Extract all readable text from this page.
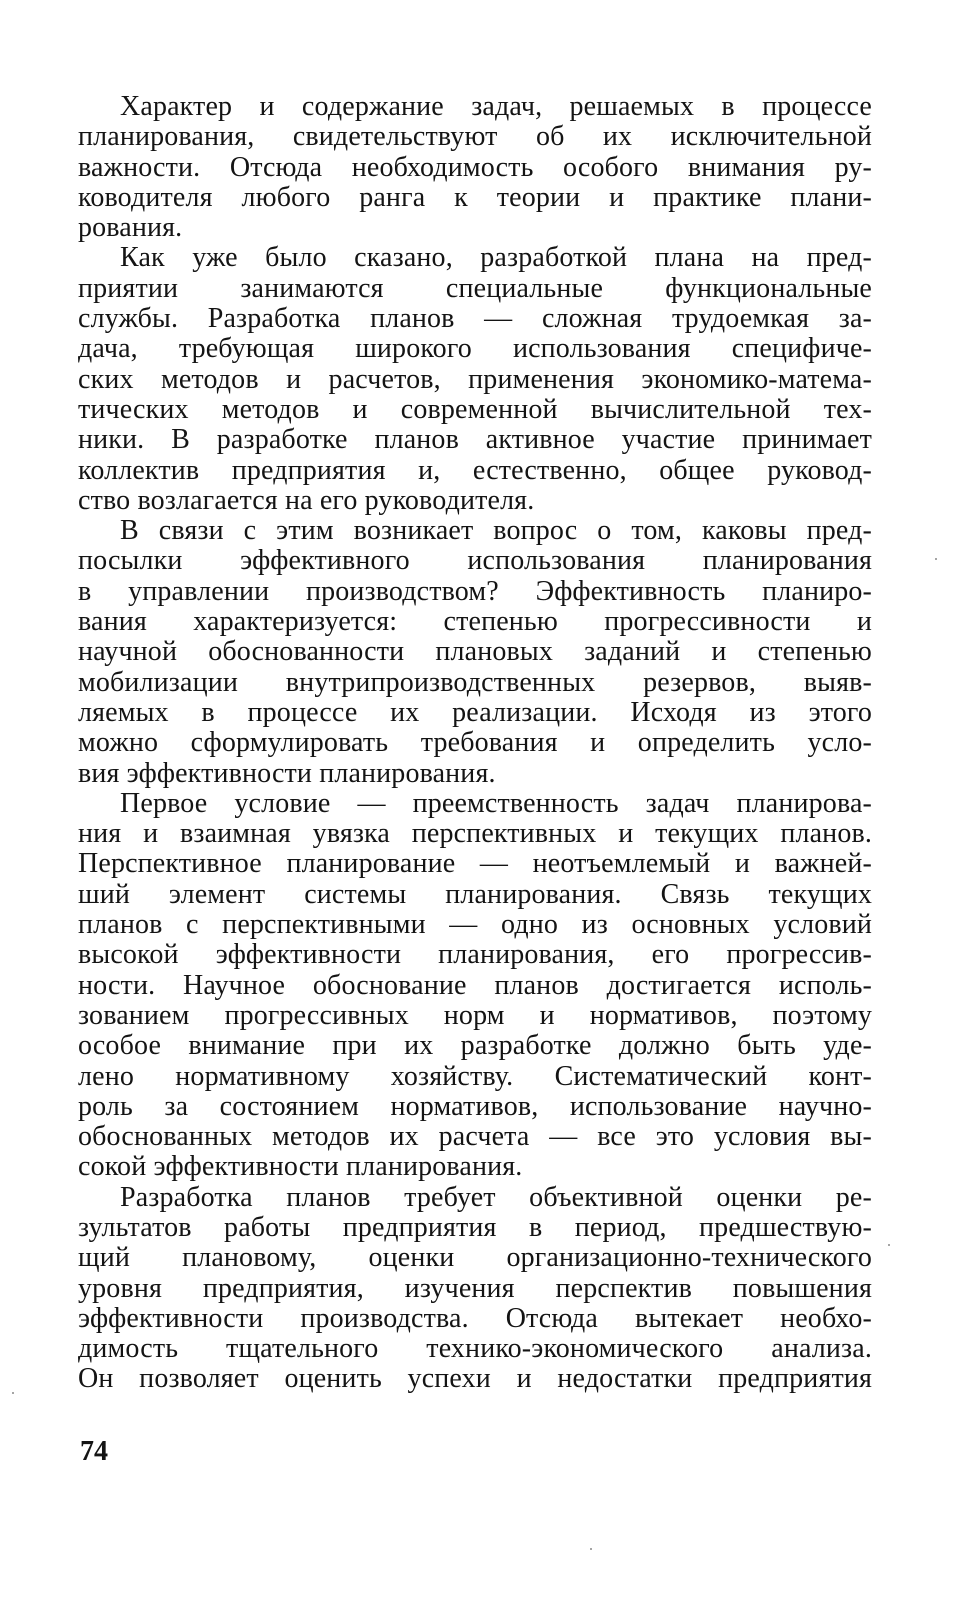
Характер и содержание задач, решаемых в процессе
планирования, свидетельствуют об их исключительной
важности. Отсюда необходимость особого внимания ру-
ководителя любого ранга к теории и практике плани-
рования.
Как уже было сказано, разработкой плана на пред-
приятии занимаются специальные функциональные
службы. Разработка планов — сложная трудоемкая за-
дача, требующая широкого использования специфиче-
ских методов и расчетов, применения экономико-матема-
тических методов и современной вычислительной тех-
ники. В разработке планов активное участие принимает
коллектив предприятия и, естественно, общее руковод-
ство возлагается на его руководителя.
В связи с этим возникает вопрос о том, каковы пред-
посылки эффективного использования планирования
в управлении производством? Эффективность планиро-
вания характеризуется: степенью прогрессивности и
научной обоснованности плановых заданий и степенью
мобилизации внутрипроизводственных резервов, выяв-
ляемых в процессе их реализации. Исходя из этого
можно сформулировать требования и определить усло-
вия эффективности планирования.
Первое условие — преемственность задач планирова-
ния и взаимная увязка перспективных и текущих планов.
Перспективное планирование — неотъемлемый и важней-
ший элемент системы планирования. Связь текущих
планов с перспективными — одно из основных условий
высокой эффективности планирования, его прогрессив-
ности. Научное обоснование планов достигается исполь-
зованием прогрессивных норм и нормативов, поэтому
особое внимание при их разработке должно быть уде-
лено нормативному хозяйству. Систематический конт-
роль за состоянием нормативов, использование научно-
обоснованных методов их расчета — все это условия вы-
сокой эффективности планирования.
Разработка планов требует объективной оценки ре-
зультатов работы предприятия в период, предшествую-
щий плановому, оценки организационно-технического
уровня предприятия, изучения перспектив повышения
эффективности производства. Отсюда вытекает необхо-
димость тщательного технико-экономического анализа.
Он позволяет оценить успехи и недостатки предприятия
74
